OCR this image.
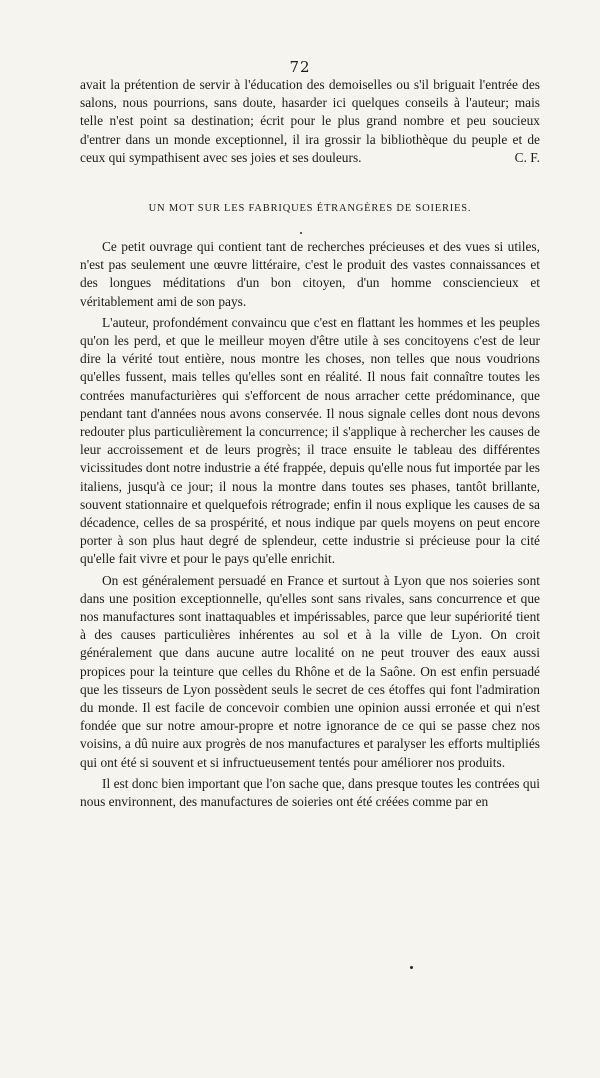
72

avait la prétention de servir à l'éducation des demoiselles ou s'il briguait l'entrée des salons, nous pourrions, sans doute, hasarder ici quelques conseils à l'auteur; mais telle n'est point sa destination; écrit pour le plus grand nombre et peu soucieux d'entrer dans un monde exceptionnel, il ira grossir la bibliothèque du peuple et de ceux qui sympathisent avec ses joies et ses douleurs.	C. F.

UN MOT SUR LES FABRIQUES ÉTRANGÈRES DE SOIERIES.

Ce petit ouvrage qui contient tant de recherches précieuses et des vues si utiles, n'est pas seulement une œuvre littéraire, c'est le produit des vastes connaissances et des longues méditations d'un bon citoyen, d'un homme consciencieux et véritablement ami de son pays.

L'auteur, profondément convaincu que c'est en flattant les hommes et les peuples qu'on les perd, et que le meilleur moyen d'être utile à ses concitoyens c'est de leur dire la vérité tout entière, nous montre les choses, non telles que nous voudrions qu'elles fussent, mais telles qu'elles sont en réalité. Il nous fait connaître toutes les contrées manufacturières qui s'efforcent de nous arracher cette prédominance, que pendant tant d'années nous avons conservée. Il nous signale celles dont nous devons redouter plus particulièrement la concurrence; il s'applique à rechercher les causes de leur accroissement et de leurs progrès; il trace ensuite le tableau des différentes vicissitudes dont notre industrie a été frappée, depuis qu'elle nous fut importée par les italiens, jusqu'à ce jour; il nous la montre dans toutes ses phases, tantôt brillante, souvent stationnaire et quelquefois rétrograde; enfin il nous explique les causes de sa décadence, celles de sa prospérité, et nous indique par quels moyens on peut encore porter à son plus haut degré de splendeur, cette industrie si précieuse pour la cité qu'elle fait vivre et pour le pays qu'elle enrichit.

On est généralement persuadé en France et surtout à Lyon que nos soieries sont dans une position exceptionnelle, qu'elles sont sans rivales, sans concurrence et que nos manufactures sont inattaquables et impérissables, parce que leur supériorité tient à des causes particulières inhérentes au sol et à la ville de Lyon. On croit généralement que dans aucune autre localité on ne peut trouver des eaux aussi propices pour la teinture que celles du Rhône et de la Saône. On est enfin persuadé que les tisseurs de Lyon possèdent seuls le secret de ces étoffes qui font l'admiration du monde. Il est facile de concevoir combien une opinion aussi erronée et qui n'est fondée que sur notre amour-propre et notre ignorance de ce qui se passe chez nos voisins, a dû nuire aux progrès de nos manufactures et paralyser les efforts multipliés qui ont été si souvent et si infructueusement tentés pour améliorer nos produits.

Il est donc bien important que l'on sache que, dans presque toutes les contrées qui nous environnent, des manufactures de soieries ont été créées comme par en
